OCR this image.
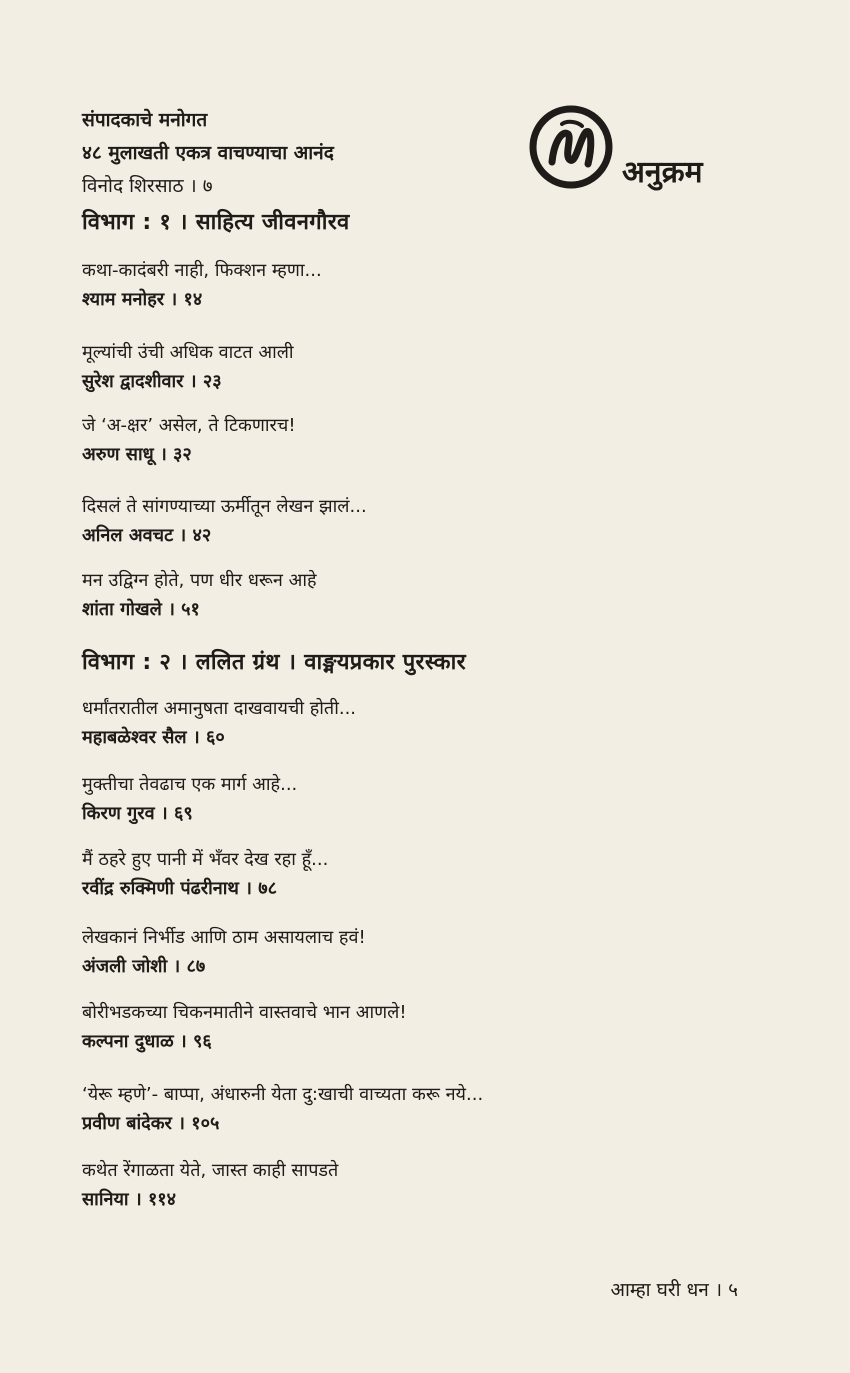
संपादकाचे मनोगत
४८ मुलाखती एकत्र वाचण्याचा आनंद
विनोद शिरसाठ । ७	अनुक्रम
विभाग : १ । साहित्य जीवनगौरव
कथा-कादंबरी नाही, फिक्शन म्हणा...
श्याम मनोहर । १४
मूल्यांची उंची अधिक वाटत आली
सुरेश द्वादशीवार । २३
जे ‘अ-क्षर’ असेल, ते टिकणारच!
अरुण साधू । ३२
दिसलं ते सांगण्याच्या ऊर्मीतून लेखन झालं...
अनिल अवचट । ४२
मन उद्विग्न होते, पण धीर धरून आहे
शांता गोखले । ५१
विभाग : २ । ललित ग्रंथ । वाङ्मयप्रकार पुरस्कार
धर्मांतरातील अमानुषता दाखवायची होती...
महाबळेश्वर सैल । ६०
मुक्तीचा तेवढाच एक मार्ग आहे...
किरण गुरव । ६९
मैं ठहरे हुए पानी में भँवर देख रहा हूँ...
रवींद्र रुक्मिणी पंढरीनाथ । ७८
लेखकानं निर्भीड आणि ठाम असायलाच हवं!
अंजली जोशी । ८७
बोरीभडकच्या चिकनमातीने वास्तवाचे भान आणले!
कल्पना दुधाळ । ९६
‘येरू म्हणे’- बाप्पा, अंधारुनी येता दु:खाची वाच्यता करू नये...
प्रवीण बांदेकर । १०५
कथेत रेंगाळता येते, जास्त काही सापडते
सानिया । ११४
आम्हा घरी धन । ५
